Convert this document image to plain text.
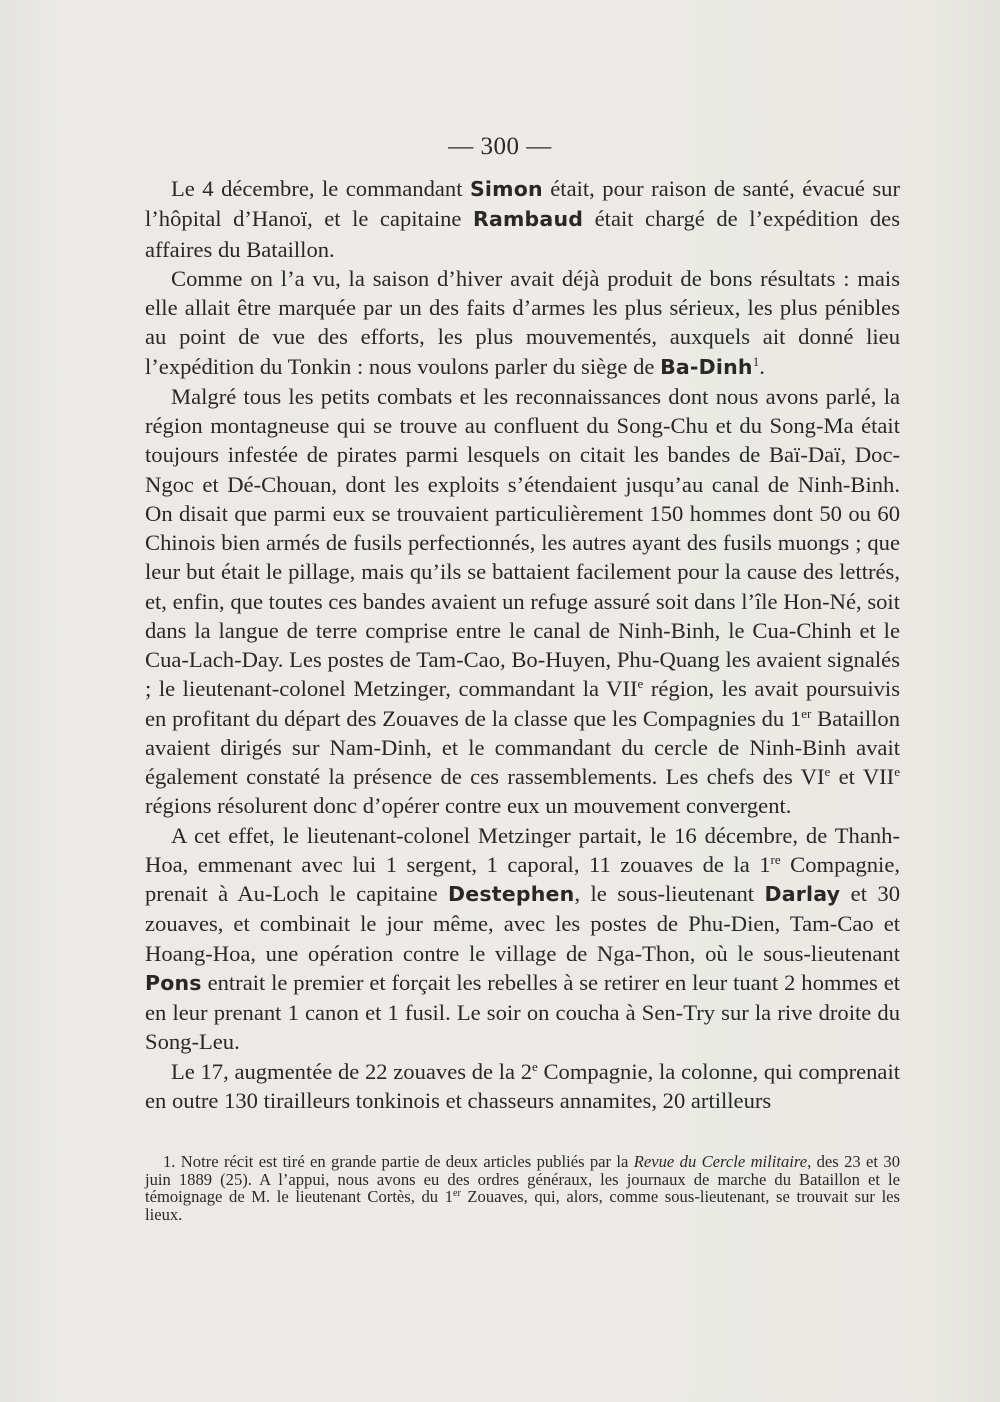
— 300 —

Le 4 décembre, le commandant Simon était, pour raison de santé, évacué sur l’hôpital d’Hanoï, et le capitaine Rambaud était chargé de l’expédition des affaires du Bataillon.

Comme on l’a vu, la saison d’hiver avait déjà produit de bons résultats : mais elle allait être marquée par un des faits d’armes les plus sérieux, les plus pénibles au point de vue des efforts, les plus mouvementés, auxquels ait donné lieu l’expédition du Tonkin : nous voulons parler du siège de Ba-Dinh$^1$.

Malgré tous les petits combats et les reconnaissances dont nous avons parlé, la région montagneuse qui se trouve au confluent du Song-Chu et du Song-Ma était toujours infestée de pirates parmi lesquels on citait les bandes de Baï-Daï, Doc-Ngoc et Dé-Chouan, dont les exploits s’étendaient jusqu’au canal de Ninh-Binh. On disait que parmi eux se trouvaient particulièrement 150 hommes dont 50 ou 60 Chinois bien armés de fusils perfectionnés, les autres ayant des fusils muongs ; que leur but était le pillage, mais qu’ils se battaient facilement pour la cause des lettrés, et, enfin, que toutes ces bandes avaient un refuge assuré soit dans l’île Hon-Né, soit dans la langue de terre comprise entre le canal de Ninh-Binh, le Cua-Chinh et le Cua-Lach-Day. Les postes de Tam-Cao, Bo-Huyen, Phu-Quang les avaient signalés ; le lieutenant-colonel Metzinger, commandant la VIIe région, les avait poursuivis en profitant du départ des Zouaves de la classe que les Compagnies du 1er Bataillon avaient dirigés sur Nam-Dinh, et le commandant du cercle de Ninh-Binh avait également constaté la présence de ces rassemblements. Les chefs des VIe et VIIe régions résolurent donc d’opérer contre eux un mouvement convergent.

A cet effet, le lieutenant-colonel Metzinger partait, le 16 décembre, de Thanh-Hoa, emmenant avec lui 1 sergent, 1 caporal, 11 zouaves de la 1re Compagnie, prenait à Au-Loch le capitaine Destephen, le sous-lieutenant Darlay et 30 zouaves, et combinait le jour même, avec les postes de Phu-Dien, Tam-Cao et Hoang-Hoa, une opération contre le village de Nga-Thon, où le sous-lieutenant Pons entrait le premier et forçait les rebelles à se retirer en leur tuant 2 hommes et en leur prenant 1 canon et 1 fusil. Le soir on coucha à Sen-Try sur la rive droite du Song-Leu.

Le 17, augmentée de 22 zouaves de la 2e Compagnie, la colonne, qui comprenait en outre 130 tirailleurs tonkinois et chasseurs annamites, 20 artilleurs

1. Notre récit est tiré en grande partie de deux articles publiés par la Revue du Cercle militaire, des 23 et 30 juin 1889 (25). A l’appui, nous avons eu des ordres généraux, les journaux de marche du Bataillon et le témoignage de M. le lieutenant Cortès, du 1er Zouaves, qui, alors, comme sous-lieutenant, se trouvait sur les lieux.
